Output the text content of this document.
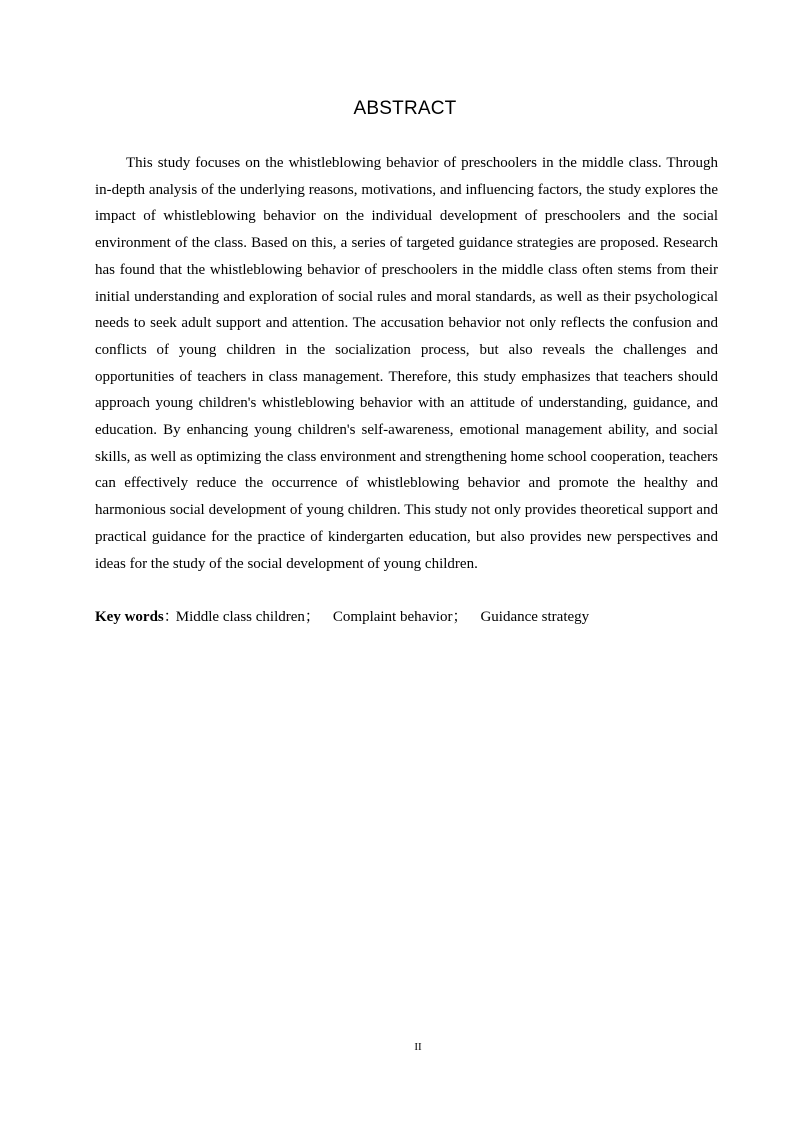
ABSTRACT

This study focuses on the whistleblowing behavior of preschoolers in the middle class. Through in-depth analysis of the underlying reasons, motivations, and influencing factors, the study explores the impact of whistleblowing behavior on the individual development of preschoolers and the social environment of the class. Based on this, a series of targeted guidance strategies are proposed. Research has found that the whistleblowing behavior of preschoolers in the middle class often stems from their initial understanding and exploration of social rules and moral standards, as well as their psychological needs to seek adult support and attention. The accusation behavior not only reflects the confusion and conflicts of young children in the socialization process, but also reveals the challenges and opportunities of teachers in class management. Therefore, this study emphasizes that teachers should approach young children's whistleblowing behavior with an attitude of understanding, guidance, and education. By enhancing young children's self-awareness, emotional management ability, and social skills, as well as optimizing the class environment and strengthening home school cooperation, teachers can effectively reduce the occurrence of whistleblowing behavior and promote the healthy and harmonious social development of young children. This study not only provides theoretical support and practical guidance for the practice of kindergarten education, but also provides new perspectives and ideas for the study of the social development of young children.

Key words：Middle class children； Complaint behavior； Guidance strategy
II
